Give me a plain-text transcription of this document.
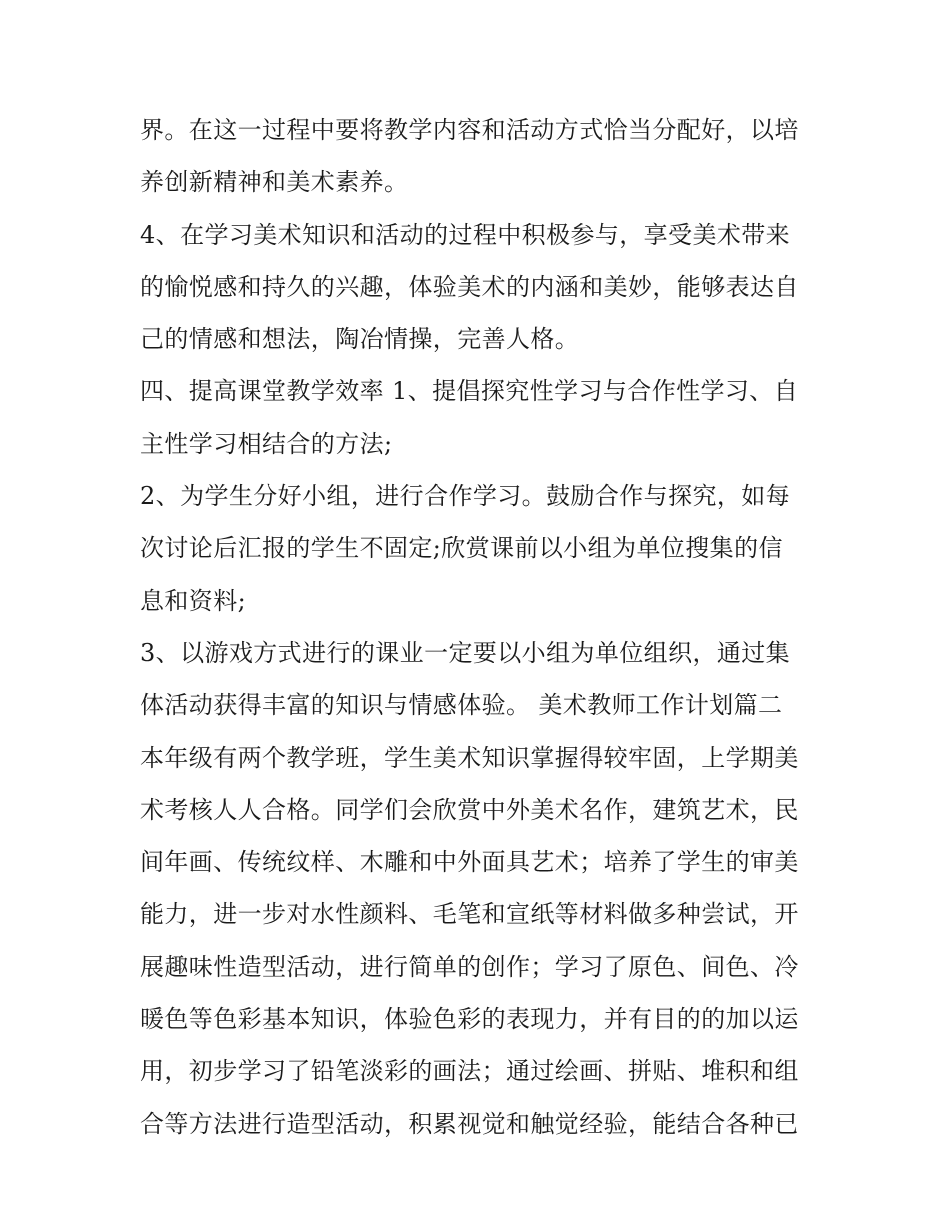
界。在这一过程中要将教学内容和活动方式恰当分配好，以培
养创新精神和美术素养。
4、在学习美术知识和活动的过程中积极参与，享受美术带来
的愉悦感和持久的兴趣，体验美术的内涵和美妙，能够表达自
己的情感和想法，陶冶情操，完善人格。
四、提高课堂教学效率 1、提倡探究性学习与合作性学习、自
主性学习相结合的方法;
2、为学生分好小组，进行合作学习。鼓励合作与探究，如每
次讨论后汇报的学生不固定;欣赏课前以小组为单位搜集的信
息和资料;
3、以游戏方式进行的课业一定要以小组为单位组织，通过集
体活动获得丰富的知识与情感体验。 美术教师工作计划篇二
本年级有两个教学班，学生美术知识掌握得较牢固，上学期美
术考核人人合格。同学们会欣赏中外美术名作，建筑艺术，民
间年画、传统纹样、木雕和中外面具艺术；培养了学生的审美
能力，进一步对水性颜料、毛笔和宣纸等材料做多种尝试，开
展趣味性造型活动，进行简单的创作；学习了原色、间色、冷
暖色等色彩基本知识，体验色彩的表现力，并有目的的加以运
用，初步学习了铅笔淡彩的画法；通过绘画、拼贴、堆积和组
合等方法进行造型活动，积累视觉和触觉经验，能结合各种已
